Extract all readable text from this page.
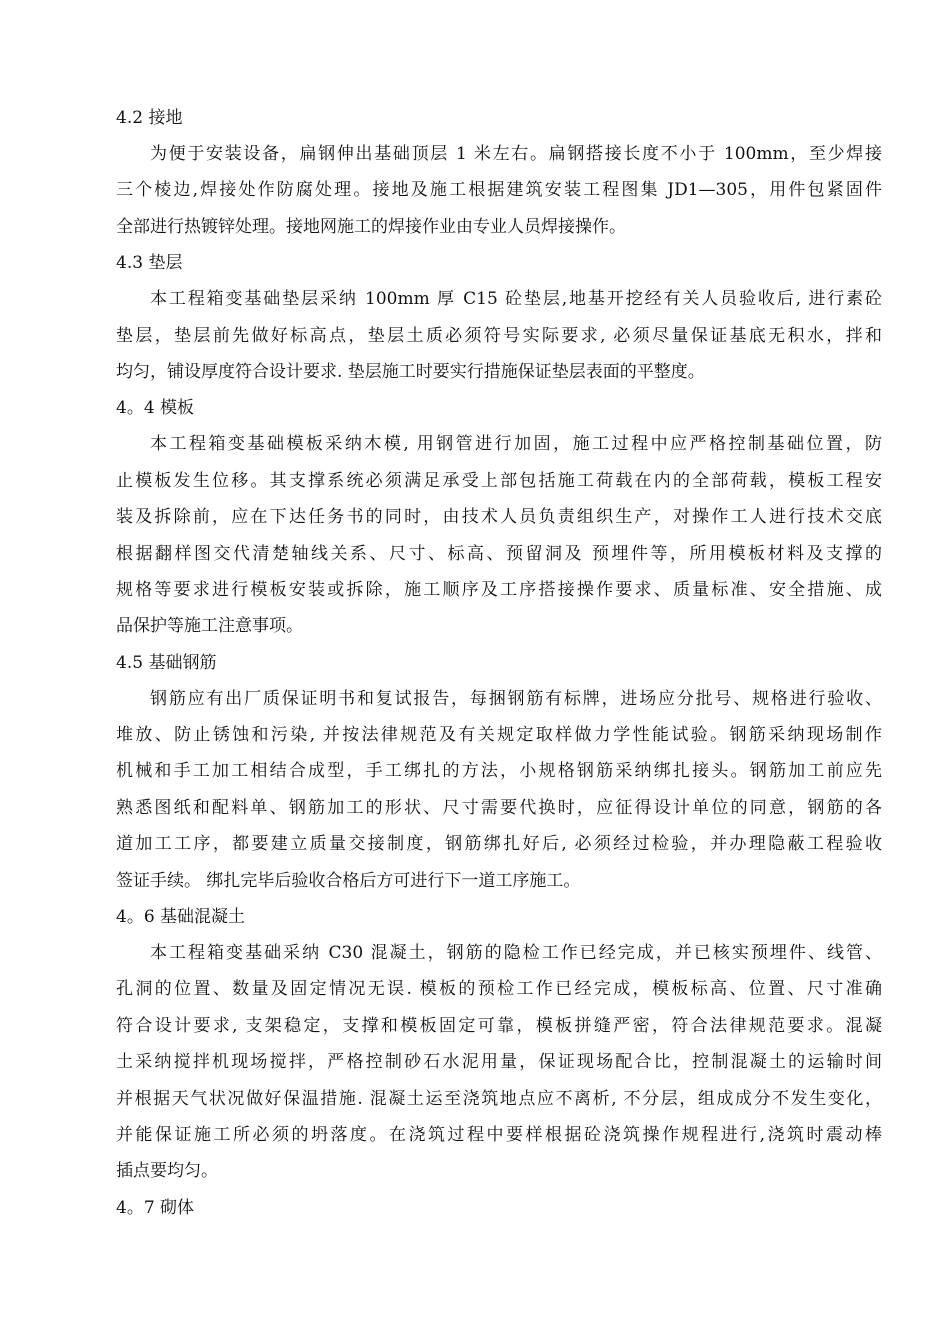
4.2 接地

为便于安装设备，扁钢伸出基础顶层 1 米左右。扁钢搭接长度不小于 100mm，至少焊接

三个棱边,焊接处作防腐处理。接地及施工根据建筑安装工程图集 JD1—305，用件包紧固件

全部进行热镀锌处理。接地网施工的焊接作业由专业人员焊接操作。

4.3 垫层

本工程箱变基础垫层采纳 100mm 厚 C15 砼垫层,地基开挖经有关人员验收后, 进行素砼

垫层，垫层前先做好标高点，垫层土质必须符号实际要求, 必须尽量保证基底无积水，拌和

均匀，铺设厚度符合设计要求. 垫层施工时要实行措施保证垫层表面的平整度。

4。4 模板

本工程箱变基础模板采纳木模, 用钢管进行加固，施工过程中应严格控制基础位置，防

止模板发生位移。其支撑系统必须满足承受上部包括施工荷载在内的全部荷载，模板工程安

装及拆除前，应在下达任务书的同时，由技术人员负责组织生产，对操作工人进行技术交底

根据翻样图交代清楚轴线关系、尺寸、标高、预留洞及 预埋件等，所用模板材料及支撑的

规格等要求进行模板安装或拆除，施工顺序及工序搭接操作要求、质量标准、安全措施、成

品保护等施工注意事项。

4.5 基础钢筋

钢筋应有出厂质保证明书和复试报告，每捆钢筋有标牌，进场应分批号、规格进行验收、

堆放、防止锈蚀和污染, 并按法律规范及有关规定取样做力学性能试验。钢筋采纳现场制作

机械和手工加工相结合成型，手工绑扎的方法，小规格钢筋采纳绑扎接头。钢筋加工前应先

熟悉图纸和配料单、钢筋加工的形状、尺寸需要代换时，应征得设计单位的同意，钢筋的各

道加工工序，都要建立质量交接制度，钢筋绑扎好后, 必须经过检验，并办理隐蔽工程验收

签证手续。 绑扎完毕后验收合格后方可进行下一道工序施工。

4。6 基础混凝土

本工程箱变基础采纳 C30 混凝土，钢筋的隐检工作已经完成，并已核实预埋件、线管、

孔洞的位置、数量及固定情况无误. 模板的预检工作已经完成，模板标高、位置、尺寸准确

符合设计要求, 支架稳定，支撑和模板固定可靠，模板拼缝严密，符合法律规范要求。混凝

土采纳搅拌机现场搅拌，严格控制砂石水泥用量，保证现场配合比，控制混凝土的运输时间

并根据天气状况做好保温措施. 混凝土运至浇筑地点应不离析, 不分层，组成成分不发生变化，

并能保证施工所必须的坍落度。在浇筑过程中要样根据砼浇筑操作规程进行,浇筑时震动棒

插点要均匀。

4。7 砌体
